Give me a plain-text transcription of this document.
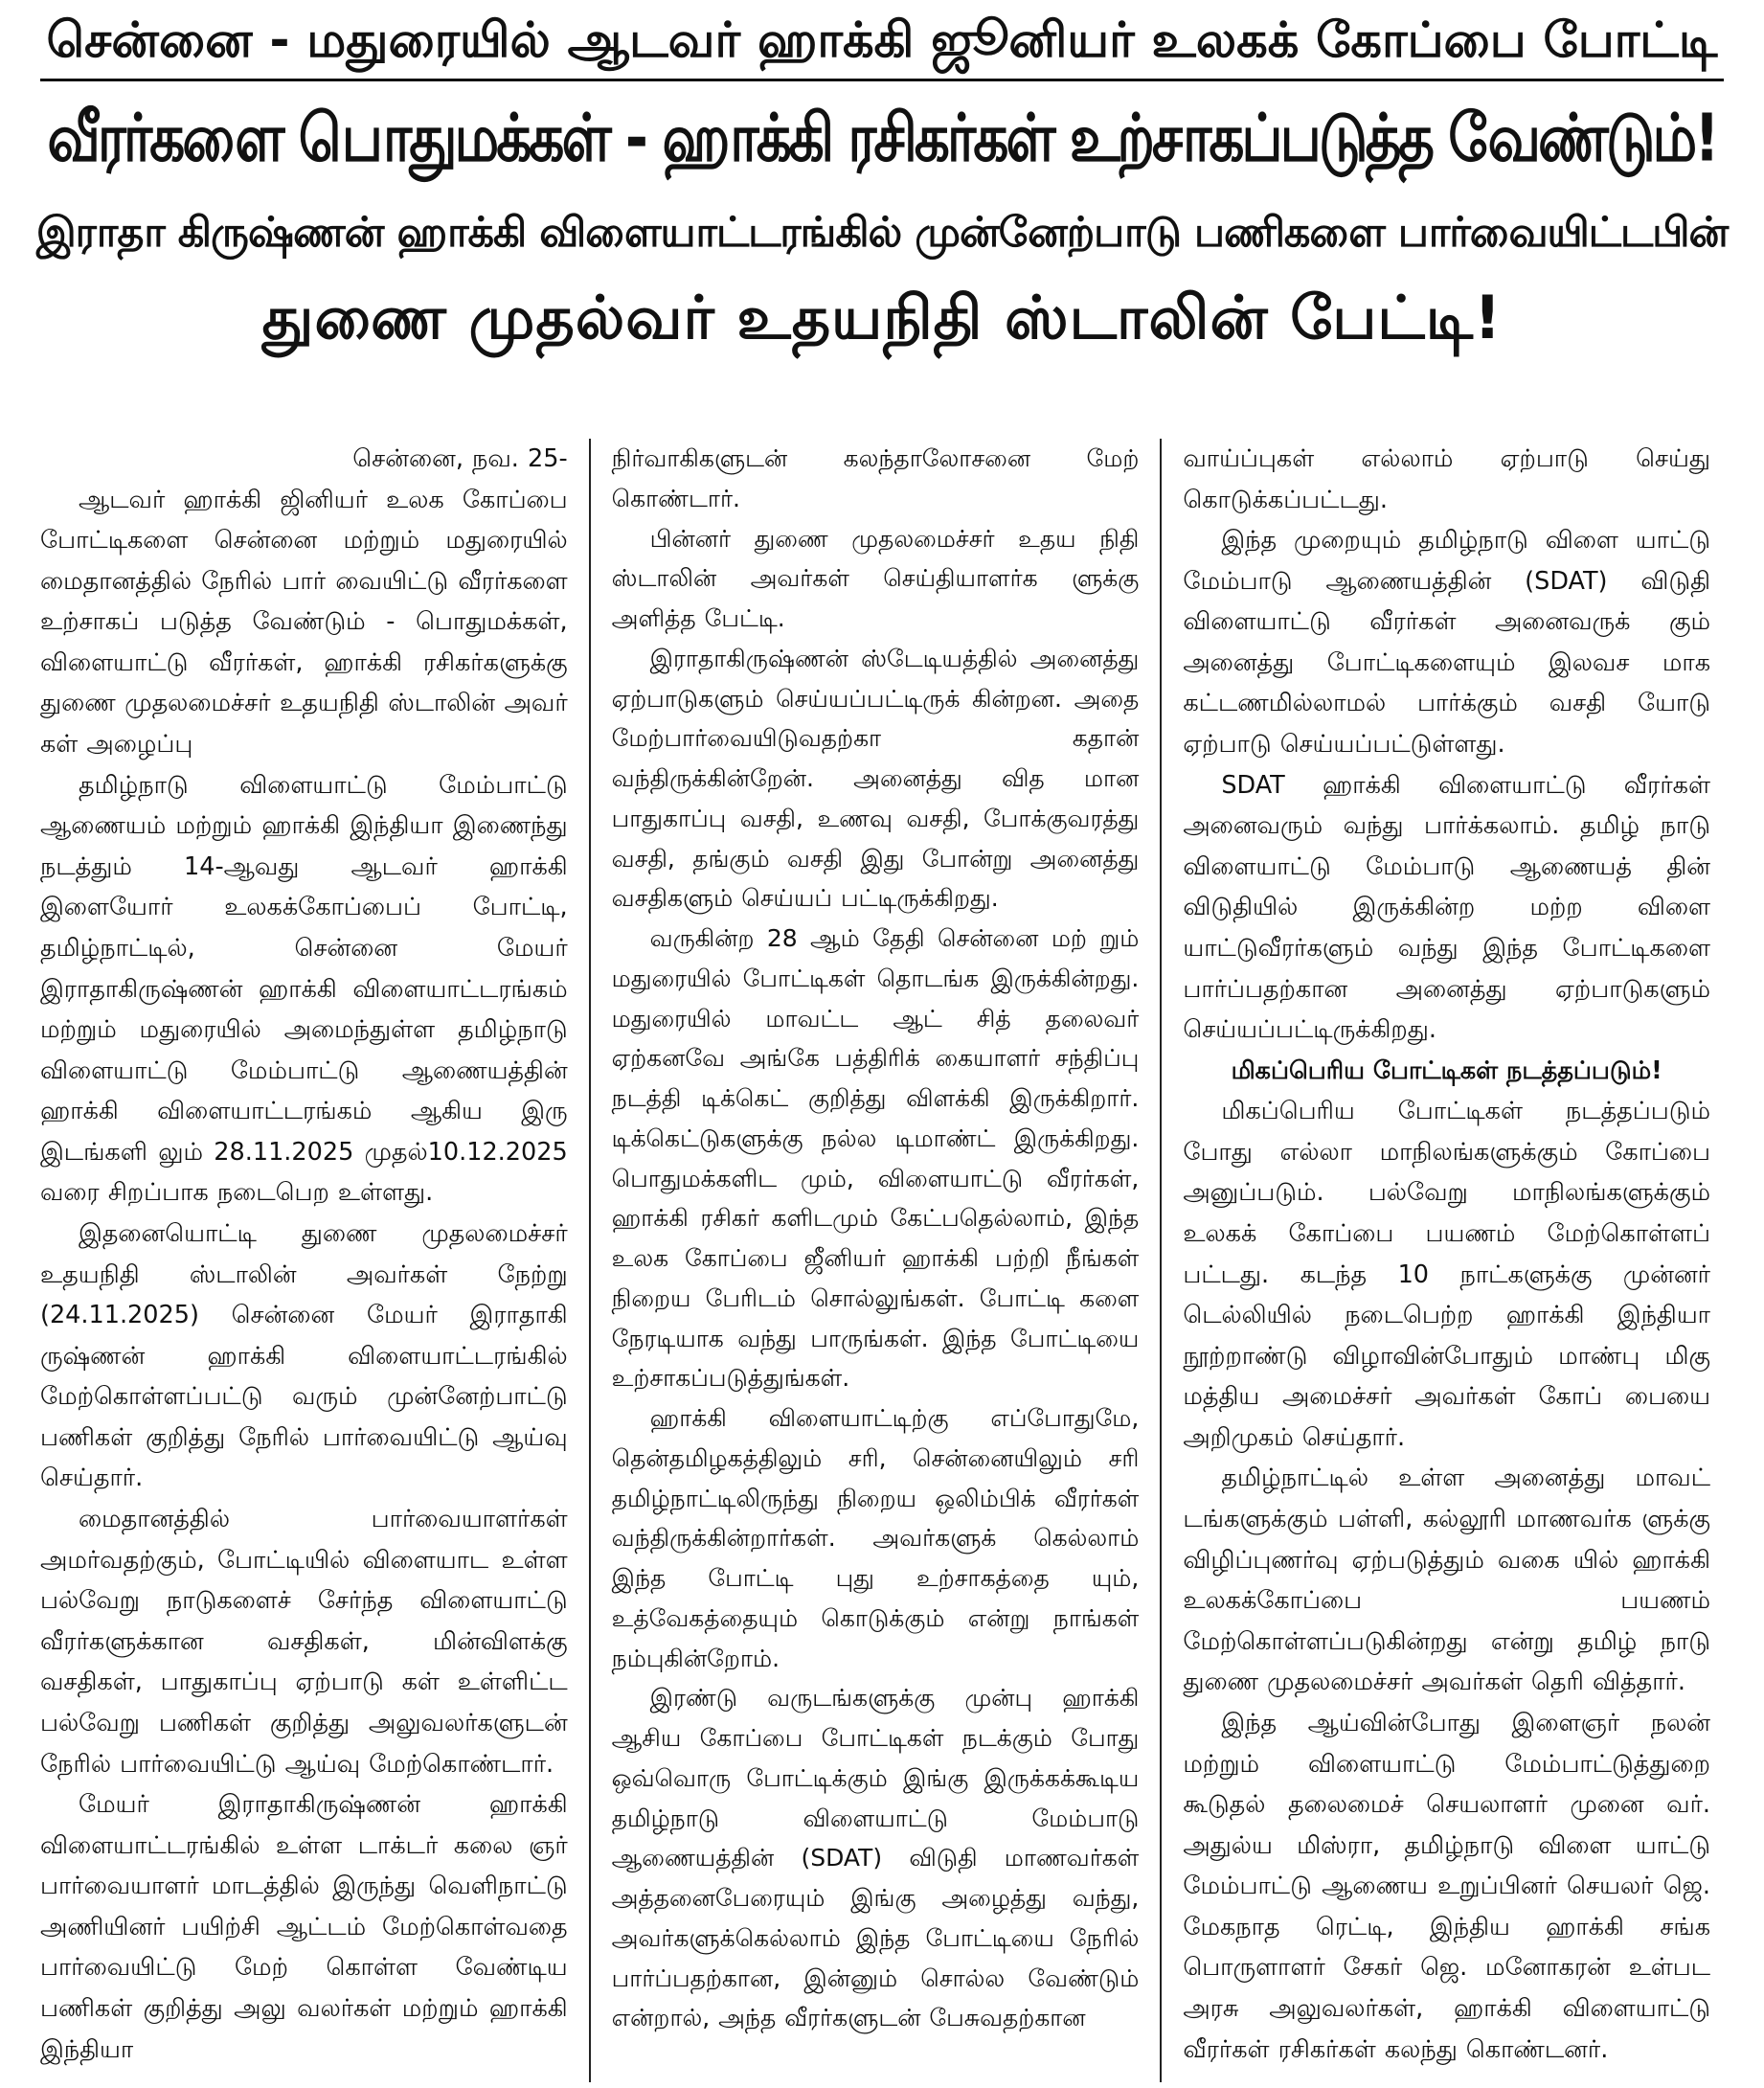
சென்னை - மதுரையில் ஆடவர் ஹாக்கி ஜூனியர் உலகக் கோப்பை போட்டி
வீரர்களை பொதுமக்கள் - ஹாக்கி ரசிகர்கள் உற்சாகப்படுத்த வேண்டும்!
இராதா கிருஷ்ணன் ஹாக்கி விளையாட்டரங்கில் முன்னேற்பாடு பணிகளை பார்வையிட்டபின்
துணை முதல்வர் உதயநிதி ஸ்டாலின் பேட்டி!

சென்னை, நவ. 25-

ஆடவர் ஹாக்கி ஜினியர் உலக கோப்பை போட்டிகளை சென்னை மற்றும் மதுரையில் மைதானத்தில் நேரில் பார் வையிட்டு வீரர்களை உற்சாகப் படுத்த வேண்டும் - பொதுமக்கள், விளையாட்டு வீரர்கள், ஹாக்கி ரசிகர்களுக்கு துணை முதலமைச்சர் உதயநிதி ஸ்டாலின் அவர் கள் அழைப்பு

தமிழ்நாடு விளையாட்டு மேம்பாட்டு ஆணையம் மற்றும் ஹாக்கி இந்தியா இணைந்து நடத்தும் 14-ஆவது ஆடவர் ஹாக்கி இளையோர் உலகக்கோப்பைப் போட்டி, தமிழ்நாட்டில், சென்னை மேயர் இராதாகிருஷ்ணன் ஹாக்கி விளையாட்டரங்கம் மற்றும் மதுரையில் அமைந்துள்ள தமிழ்நாடு விளையாட்டு மேம்பாட்டு ஆணையத்தின் ஹாக்கி விளையாட்டரங்கம் ஆகிய இரு இடங்களி லும் 28.11.2025 முதல்10.12.2025 வரை சிறப்பாக நடைபெற உள்ளது.

இதனையொட்டி துணை முதலமைச்சர் உதயநிதி ஸ்டாலின் அவர்கள் நேற்று (24.11.2025) சென்னை மேயர் இராதாகி ருஷ்ணன் ஹாக்கி விளையாட்டரங்கில் மேற்கொள்ளப்பட்டு வரும் முன்னேற்பாட்டு பணிகள் குறித்து நேரில் பார்வையிட்டு ஆய்வு செய்தார்.

மைதானத்தில் பார்வையாளர்கள் அமர்வதற்கும், போட்டியில் விளையாட உள்ள பல்வேறு நாடுகளைச் சேர்ந்த விளையாட்டு வீரர்களுக்கான வசதிகள், மின்விளக்கு வசதிகள், பாதுகாப்பு ஏற்பாடு கள் உள்ளிட்ட பல்வேறு பணிகள் குறித்து அலுவலர்களுடன் நேரில் பார்வையிட்டு ஆய்வு மேற்கொண்டார்.

மேயர் இராதாகிருஷ்ணன் ஹாக்கி விளையாட்டரங்கில் உள்ள டாக்டர் கலை ஞர் பார்வையாளர் மாடத்தில் இருந்து வெளிநாட்டு அணியினர் பயிற்சி ஆட்டம் மேற்கொள்வதை பார்வையிட்டு மேற் கொள்ள வேண்டிய பணிகள் குறித்து அலு வலர்கள் மற்றும் ஹாக்கி இந்தியா

நிர்வாகிகளுடன் கலந்தாலோசனை மேற் கொண்டார்.

பின்னர் துணை முதலமைச்சர் உதய நிதி ஸ்டாலின் அவர்கள் செய்தியாளர்க ளுக்கு அளித்த பேட்டி.

இராதாகிருஷ்ணன் ஸ்டேடியத்தில் அனைத்து ஏற்பாடுகளும் செய்யப்பட்டிருக் கின்றன. அதை மேற்பார்வையிடுவதற்கா கதான் வந்திருக்கின்றேன். அனைத்து வித மான பாதுகாப்பு வசதி, உணவு வசதி, போக்குவரத்து வசதி, தங்கும் வசதி இது போன்று அனைத்து வசதிகளும் செய்யப் பட்டிருக்கிறது.

வருகின்ற 28 ஆம் தேதி சென்னை மற் றும் மதுரையில் போட்டிகள் தொடங்க இருக்கின்றது. மதுரையில் மாவட்ட ஆட் சித் தலைவர் ஏற்கனவே அங்கே பத்திரிக் கையாளர் சந்திப்பு நடத்தி டிக்கெட் குறித்து விளக்கி இருக்கிறார். டிக்கெட்டுகளுக்கு நல்ல டிமாண்ட் இருக்கிறது. பொதுமக்களிட மும், விளையாட்டு வீரர்கள், ஹாக்கி ரசிகர் களிடமும் கேட்பதெல்லாம், இந்த உலக கோப்பை ஜீனியர் ஹாக்கி பற்றி நீங்கள் நிறைய பேரிடம் சொல்லுங்கள். போட்டி களை நேரடியாக வந்து பாருங்கள். இந்த போட்டியை உற்சாகப்படுத்துங்கள்.

ஹாக்கி விளையாட்டிற்கு எப்போதுமே, தென்தமிழகத்திலும் சரி, சென்னையிலும் சரி தமிழ்நாட்டிலிருந்து நிறைய ஒலிம்பிக் வீரர்கள் வந்திருக்கின்றார்கள். அவர்களுக் கெல்லாம் இந்த போட்டி புது உற்சாகத்தை யும், உத்வேகத்தையும் கொடுக்கும் என்று நாங்கள் நம்புகின்றோம்.

இரண்டு வருடங்களுக்கு முன்பு ஹாக்கி ஆசிய கோப்பை போட்டிகள் நடக்கும் போது ஒவ்வொரு போட்டிக்கும் இங்கு இருக்கக்கூடிய தமிழ்நாடு விளையாட்டு மேம்பாடு ஆணையத்தின் (SDAT) விடுதி மாணவர்கள் அத்தனைபேரையும் இங்கு அழைத்து வந்து, அவர்களுக்கெல்லாம் இந்த போட்டியை நேரில் பார்ப்பதற்கான, இன்னும் சொல்ல வேண்டும் என்றால், அந்த வீரர்களுடன் பேசுவதற்கான

வாய்ப்புகள் எல்லாம் ஏற்பாடு செய்து கொடுக்கப்பட்டது.

இந்த முறையும் தமிழ்நாடு விளை யாட்டு மேம்பாடு ஆணையத்தின் (SDAT) விடுதி விளையாட்டு வீரர்கள் அனைவருக் கும் அனைத்து போட்டிகளையும் இலவச மாக கட்டணமில்லாமல் பார்க்கும் வசதி யோடு ஏற்பாடு செய்யப்பட்டுள்ளது.

SDAT ஹாக்கி விளையாட்டு வீரர்கள் அனைவரும் வந்து பார்க்கலாம். தமிழ் நாடு விளையாட்டு மேம்பாடு ஆணையத் தின் விடுதியில் இருக்கின்ற மற்ற விளை யாட்டுவீரர்களும் வந்து இந்த போட்டிகளை பார்ப்பதற்கான அனைத்து ஏற்பாடுகளும் செய்யப்பட்டிருக்கிறது.

மிகப்பெரிய போட்டிகள் நடத்தப்படும்!

மிகப்பெரிய போட்டிகள் நடத்தப்படும் போது எல்லா மாநிலங்களுக்கும் கோப்பை அனுப்படும். பல்வேறு மாநிலங்களுக்கும் உலகக் கோப்பை பயணம் மேற்கொள்ளப் பட்டது. கடந்த 10 நாட்களுக்கு முன்னர் டெல்லியில் நடைபெற்ற ஹாக்கி இந்தியா நூற்றாண்டு விழாவின்போதும் மாண்பு மிகு மத்திய அமைச்சர் அவர்கள் கோப் பையை அறிமுகம் செய்தார்.

தமிழ்நாட்டில் உள்ள அனைத்து மாவட் டங்களுக்கும் பள்ளி, கல்லூரி மாணவர்க ளுக்கு விழிப்புணர்வு ஏற்படுத்தும் வகை யில் ஹாக்கி உலகக்கோப்பை பயணம் மேற்கொள்ளப்படுகின்றது என்று தமிழ் நாடு துணை முதலமைச்சர் அவர்கள் தெரி வித்தார்.

இந்த ஆய்வின்போது இளைஞர் நலன் மற்றும் விளையாட்டு மேம்பாட்டுத்துறை கூடுதல் தலைமைச் செயலாளர் முனை வர். அதுல்ய மிஸ்ரா, தமிழ்நாடு விளை யாட்டு மேம்பாட்டு ஆணைய உறுப்பினர் செயலர் ஜெ. மேகநாத ரெட்டி, இந்திய ஹாக்கி சங்க பொருளாளர் சேகர் ஜெ. மனோகரன் உள்பட அரசு அலுவலர்கள், ஹாக்கி விளையாட்டு வீரர்கள் ரசிகர்கள் கலந்து கொண்டனர்.
